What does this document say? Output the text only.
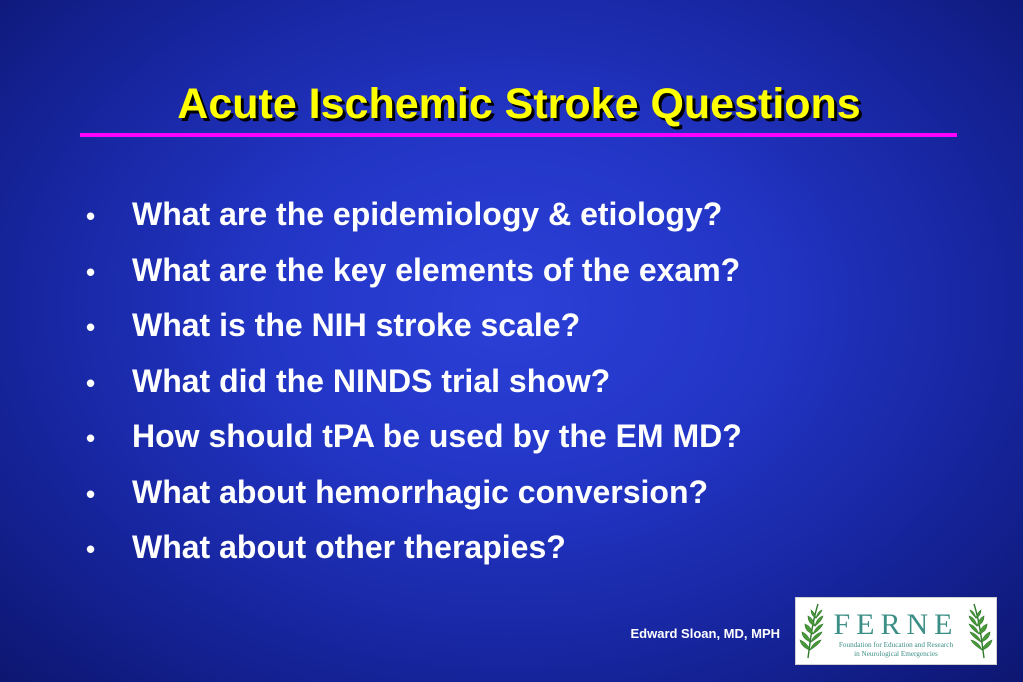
Acute Ischemic Stroke Questions
•	What are the epidemiology & etiology?
•	What are the key elements of the exam?
•	What is the NIH stroke scale?
•	What did the NINDS trial show?
•	How should tPA be used by the EM MD?
•	What about hemorrhagic conversion?
•	What about other therapies?
Edward Sloan, MD, MPH FERNE
Foundation for Education and Research
in Neurological Emergencies
